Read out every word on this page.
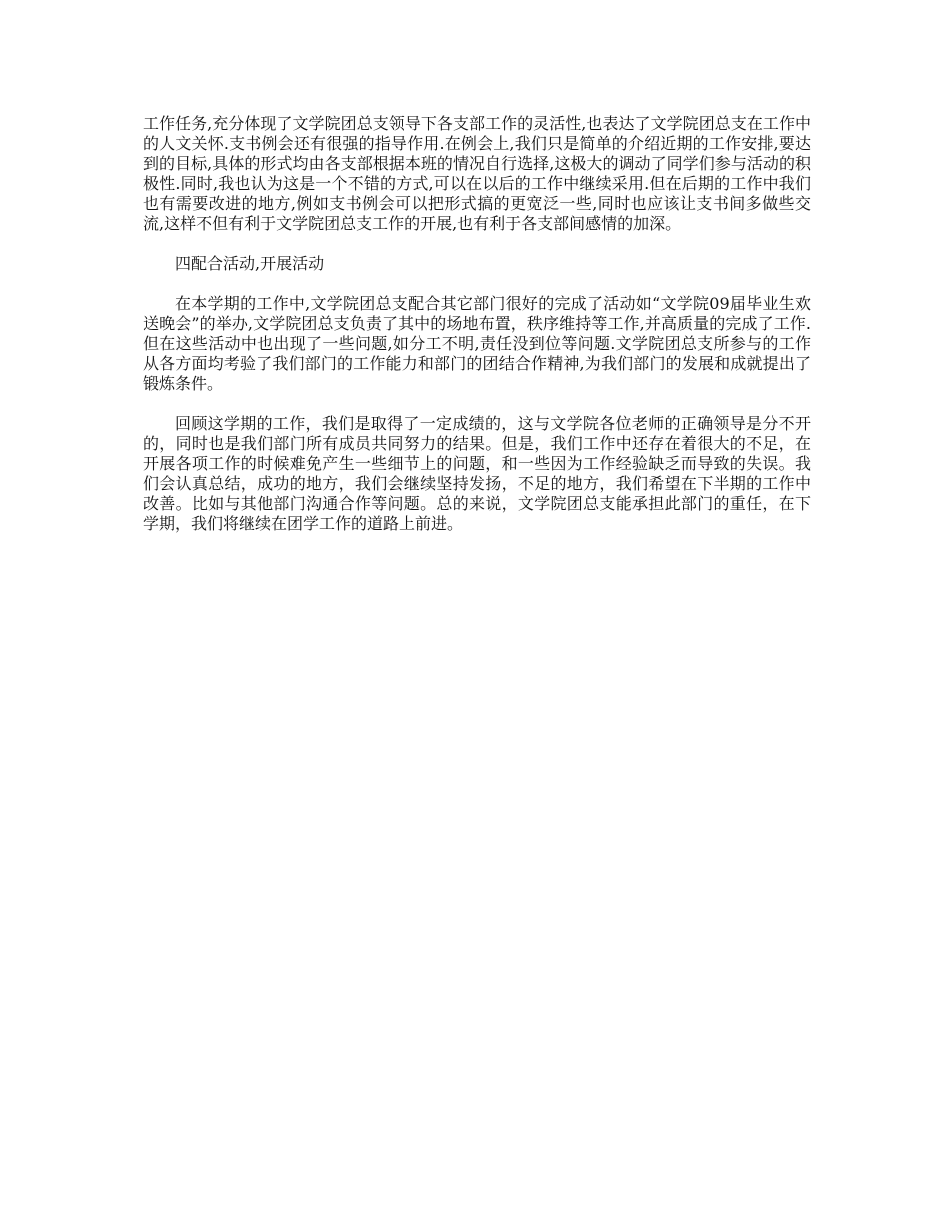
工作任务,充分体现了文学院团总支领导下各支部工作的灵活性,也表达了文学院团总支在工作中的人文关怀.支书例会还有很强的指导作用.在例会上,我们只是简单的介绍近期的工作安排,要达到的目标,具体的形式均由各支部根据本班的情况自行选择,这极大的调动了同学们参与活动的积极性.同时,我也认为这是一个不错的方式,可以在以后的工作中继续采用.但在后期的工作中我们也有需要改进的地方,例如支书例会可以把形式搞的更宽泛一些,同时也应该让支书间多做些交流,这样不但有利于文学院团总支工作的开展,也有利于各支部间感情的加深。

四配合活动,开展活动

在本学期的工作中,文学院团总支配合其它部门很好的完成了活动如“文学院09届毕业生欢送晚会”的举办,文学院团总支负责了其中的场地布置，秩序维持等工作,并高质量的完成了工作.但在这些活动中也出现了一些问题,如分工不明,责任没到位等问题.文学院团总支所参与的工作从各方面均考验了我们部门的工作能力和部门的团结合作精神,为我们部门的发展和成就提出了锻炼条件。

回顾这学期的工作，我们是取得了一定成绩的，这与文学院各位老师的正确领导是分不开的，同时也是我们部门所有成员共同努力的结果。但是，我们工作中还存在着很大的不足，在开展各项工作的时候难免产生一些细节上的问题，和一些因为工作经验缺乏而导致的失误。我们会认真总结，成功的地方，我们会继续坚持发扬，不足的地方，我们希望在下半期的工作中改善。比如与其他部门沟通合作等问题。总的来说，文学院团总支能承担此部门的重任，在下学期，我们将继续在团学工作的道路上前进。
